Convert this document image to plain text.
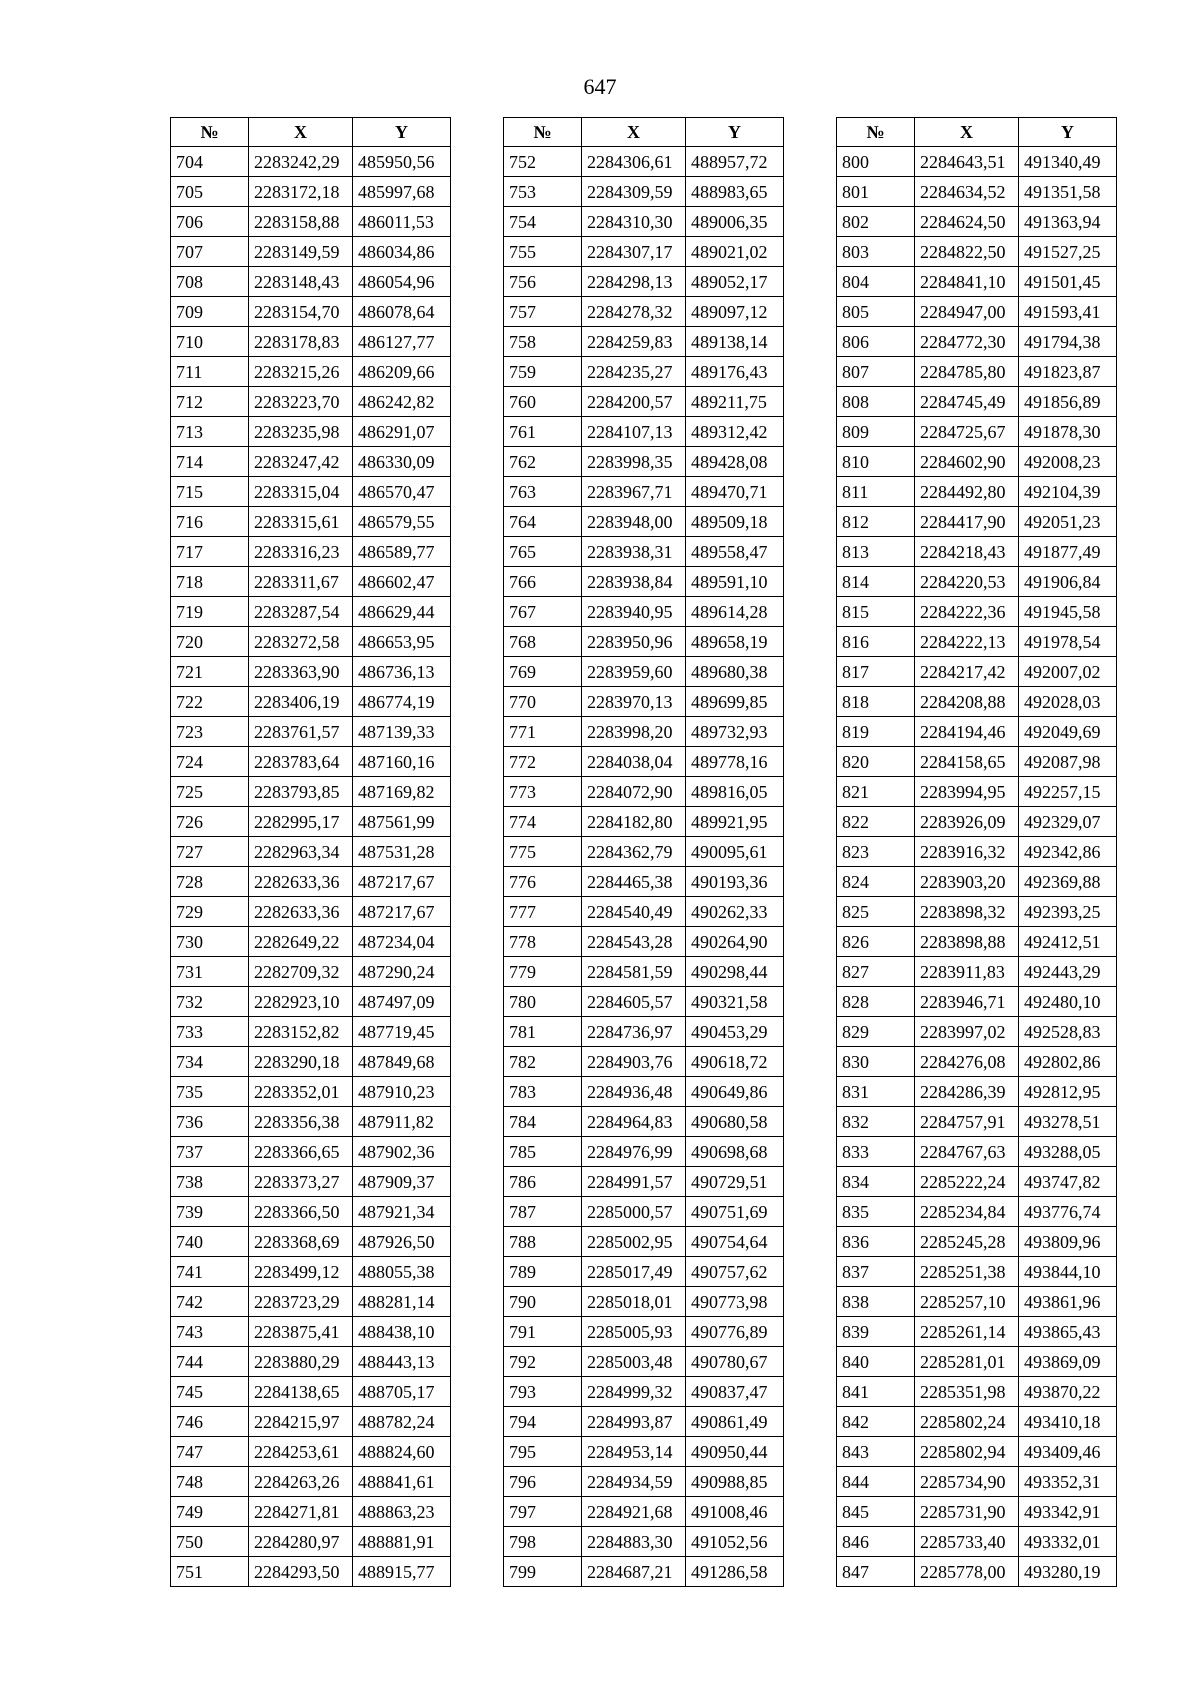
647
№	X	Y
704	2283242,29	485950,56
705	2283172,18	485997,68
706	2283158,88	486011,53
707	2283149,59	486034,86
708	2283148,43	486054,96
709	2283154,70	486078,64
710	2283178,83	486127,77
711	2283215,26	486209,66
712	2283223,70	486242,82
713	2283235,98	486291,07
714	2283247,42	486330,09
715	2283315,04	486570,47
716	2283315,61	486579,55
717	2283316,23	486589,77
718	2283311,67	486602,47
719	2283287,54	486629,44
720	2283272,58	486653,95
721	2283363,90	486736,13
722	2283406,19	486774,19
723	2283761,57	487139,33
724	2283783,64	487160,16
725	2283793,85	487169,82
726	2282995,17	487561,99
727	2282963,34	487531,28
728	2282633,36	487217,67
729	2282633,36	487217,67
730	2282649,22	487234,04
731	2282709,32	487290,24
732	2282923,10	487497,09
733	2283152,82	487719,45
734	2283290,18	487849,68
735	2283352,01	487910,23
736	2283356,38	487911,82
737	2283366,65	487902,36
738	2283373,27	487909,37
739	2283366,50	487921,34
740	2283368,69	487926,50
741	2283499,12	488055,38
742	2283723,29	488281,14
743	2283875,41	488438,10
744	2283880,29	488443,13
745	2284138,65	488705,17
746	2284215,97	488782,24
747	2284253,61	488824,60
748	2284263,26	488841,61
749	2284271,81	488863,23
750	2284280,97	488881,91
751	2284293,50	488915,77
№	X	Y
752	2284306,61	488957,72
753	2284309,59	488983,65
754	2284310,30	489006,35
755	2284307,17	489021,02
756	2284298,13	489052,17
757	2284278,32	489097,12
758	2284259,83	489138,14
759	2284235,27	489176,43
760	2284200,57	489211,75
761	2284107,13	489312,42
762	2283998,35	489428,08
763	2283967,71	489470,71
764	2283948,00	489509,18
765	2283938,31	489558,47
766	2283938,84	489591,10
767	2283940,95	489614,28
768	2283950,96	489658,19
769	2283959,60	489680,38
770	2283970,13	489699,85
771	2283998,20	489732,93
772	2284038,04	489778,16
773	2284072,90	489816,05
774	2284182,80	489921,95
775	2284362,79	490095,61
776	2284465,38	490193,36
777	2284540,49	490262,33
778	2284543,28	490264,90
779	2284581,59	490298,44
780	2284605,57	490321,58
781	2284736,97	490453,29
782	2284903,76	490618,72
783	2284936,48	490649,86
784	2284964,83	490680,58
785	2284976,99	490698,68
786	2284991,57	490729,51
787	2285000,57	490751,69
788	2285002,95	490754,64
789	2285017,49	490757,62
790	2285018,01	490773,98
791	2285005,93	490776,89
792	2285003,48	490780,67
793	2284999,32	490837,47
794	2284993,87	490861,49
795	2284953,14	490950,44
796	2284934,59	490988,85
797	2284921,68	491008,46
798	2284883,30	491052,56
799	2284687,21	491286,58
№	X	Y
800	2284643,51	491340,49
801	2284634,52	491351,58
802	2284624,50	491363,94
803	2284822,50	491527,25
804	2284841,10	491501,45
805	2284947,00	491593,41
806	2284772,30	491794,38
807	2284785,80	491823,87
808	2284745,49	491856,89
809	2284725,67	491878,30
810	2284602,90	492008,23
811	2284492,80	492104,39
812	2284417,90	492051,23
813	2284218,43	491877,49
814	2284220,53	491906,84
815	2284222,36	491945,58
816	2284222,13	491978,54
817	2284217,42	492007,02
818	2284208,88	492028,03
819	2284194,46	492049,69
820	2284158,65	492087,98
821	2283994,95	492257,15
822	2283926,09	492329,07
823	2283916,32	492342,86
824	2283903,20	492369,88
825	2283898,32	492393,25
826	2283898,88	492412,51
827	2283911,83	492443,29
828	2283946,71	492480,10
829	2283997,02	492528,83
830	2284276,08	492802,86
831	2284286,39	492812,95
832	2284757,91	493278,51
833	2284767,63	493288,05
834	2285222,24	493747,82
835	2285234,84	493776,74
836	2285245,28	493809,96
837	2285251,38	493844,10
838	2285257,10	493861,96
839	2285261,14	493865,43
840	2285281,01	493869,09
841	2285351,98	493870,22
842	2285802,24	493410,18
843	2285802,94	493409,46
844	2285734,90	493352,31
845	2285731,90	493342,91
846	2285733,40	493332,01
847	2285778,00	493280,19
